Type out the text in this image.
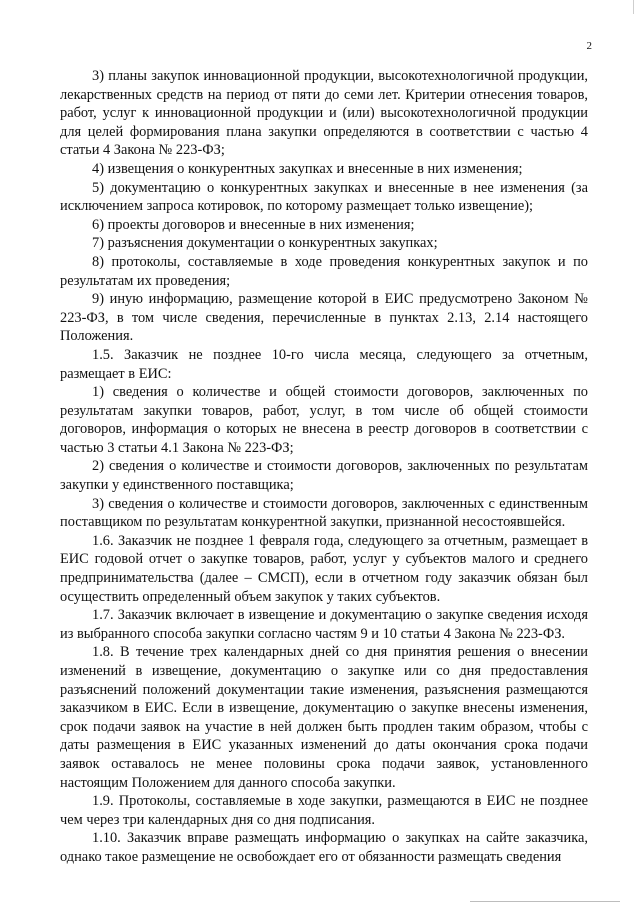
2

3) планы закупок инновационной продукции, высокотехнологичной продукции, лекарственных средств на период от пяти до семи лет. Критерии отнесения товаров, работ, услуг к инновационной продукции и (или) высокотехнологичной продукции для целей формирования плана закупки определяются в соответствии с частью 4 статьи 4 Закона № 223-ФЗ;

4) извещения о конкурентных закупках и внесенные в них изменения;

5) документацию о конкурентных закупках и внесенные в нее изменения (за исключением запроса котировок, по которому размещает только извещение);

6) проекты договоров и внесенные в них изменения;

7) разъяснения документации о конкурентных закупках;

8) протоколы, составляемые в ходе проведения конкурентных закупок и по результатам их проведения;

9) иную информацию, размещение которой в ЕИС предусмотрено Законом № 223-ФЗ, в том числе сведения, перечисленные в пунктах 2.13, 2.14 настоящего Положения.

1.5. Заказчик не позднее 10-го числа месяца, следующего за отчетным, размещает в ЕИС:

1) сведения о количестве и общей стоимости договоров, заключенных по результатам закупки товаров, работ, услуг, в том числе об общей стоимости договоров, информация о которых не внесена в реестр договоров в соответствии с частью 3 статьи 4.1 Закона № 223-ФЗ;

2) сведения о количестве и стоимости договоров, заключенных по результатам закупки у единственного поставщика;

3) сведения о количестве и стоимости договоров, заключенных с единственным поставщиком по результатам конкурентной закупки, признанной несостоявшейся.

1.6. Заказчик не позднее 1 февраля года, следующего за отчетным, размещает в ЕИС годовой отчет о закупке товаров, работ, услуг у субъектов малого и среднего предпринимательства (далее – СМСП), если в отчетном году заказчик обязан был осуществить определенный объем закупок у таких субъектов.

1.7. Заказчик включает в извещение и документацию о закупке сведения исходя из выбранного способа закупки согласно частям 9 и 10 статьи 4 Закона № 223-ФЗ.

1.8. В течение трех календарных дней со дня принятия решения о внесении изменений в извещение, документацию о закупке или со дня предоставления разъяснений положений документации такие изменения, разъяснения размещаются заказчиком в ЕИС. Если в извещение, документацию о закупке внесены изменения, срок подачи заявок на участие в ней должен быть продлен таким образом, чтобы с даты размещения в ЕИС указанных изменений до даты окончания срока подачи заявок оставалось не менее половины срока подачи заявок, установленного настоящим Положением для данного способа закупки.

1.9. Протоколы, составляемые в ходе закупки, размещаются в ЕИС не позднее чем через три календарных дня со дня подписания.

1.10. Заказчик вправе размещать информацию о закупках на сайте заказчика, однако такое размещение не освобождает его от обязанности размещать сведения
